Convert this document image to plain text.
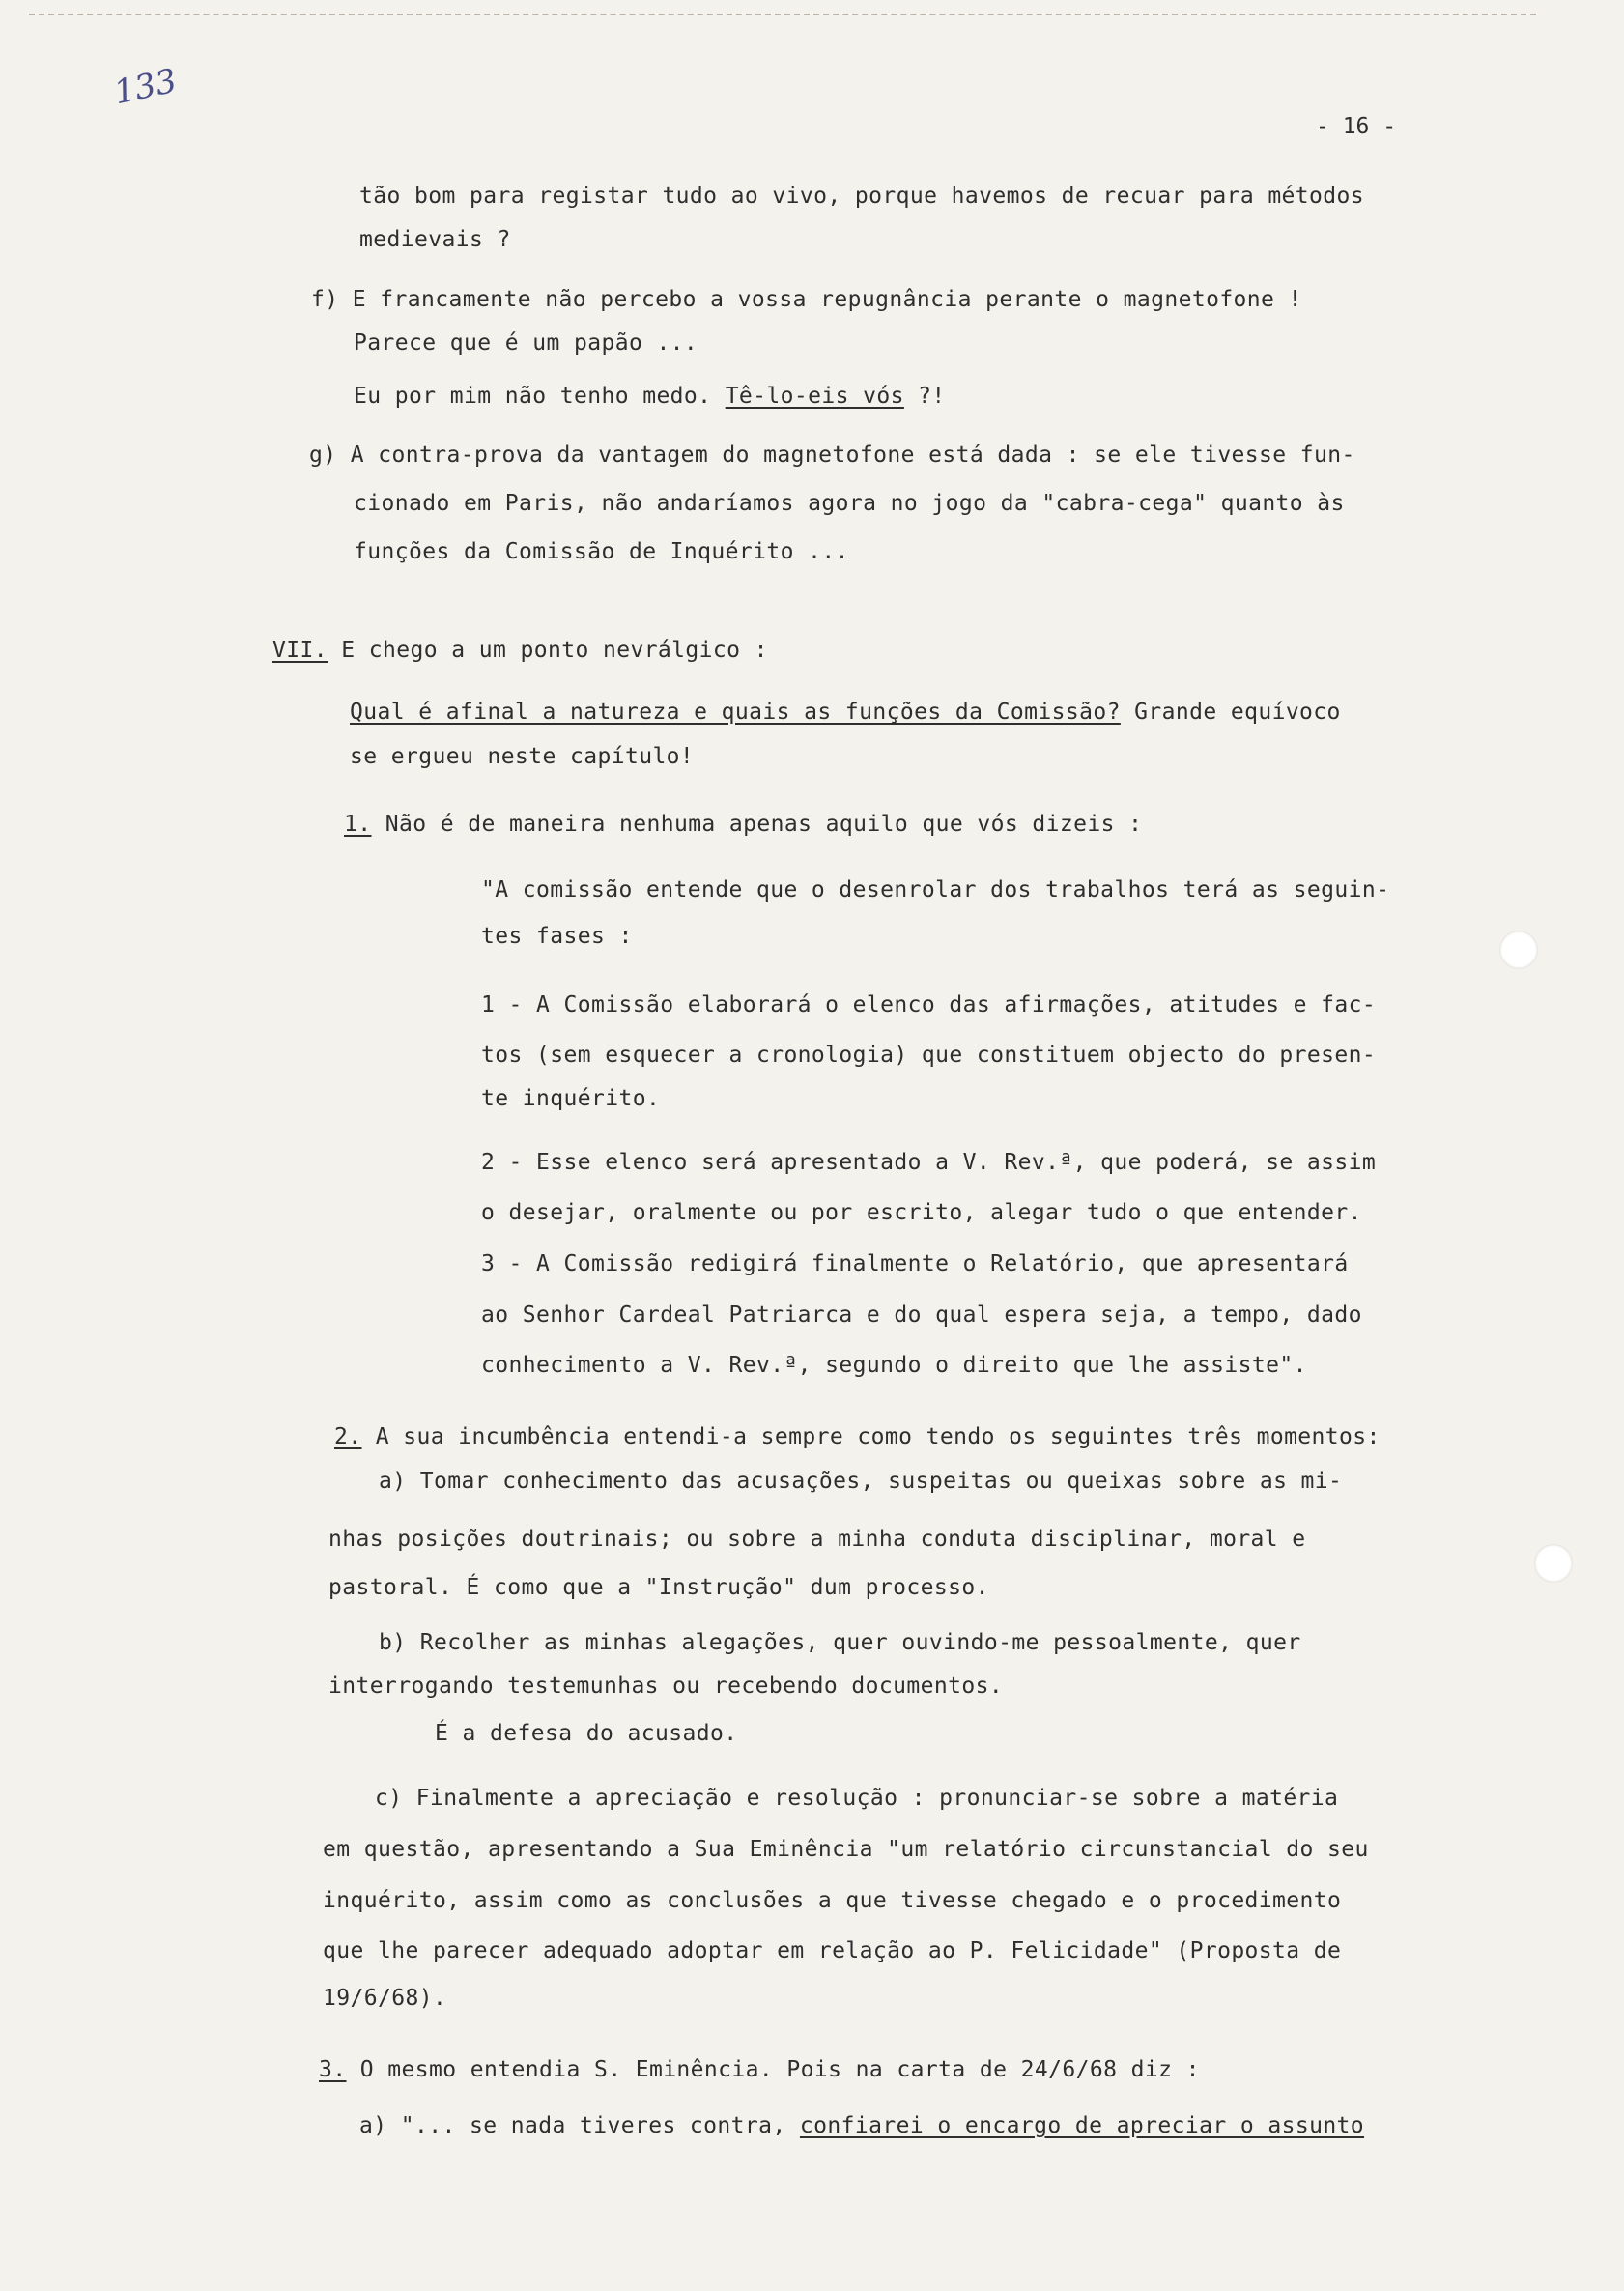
133
- 16 -
tão bom para registar tudo ao vivo, porque havemos de recuar para métodos
medievais ?
f) E francamente não percebo a vossa repugnância perante o magnetofone !
Parece que é um papão ...
Eu por mim não tenho medo. Tê-lo-eis vós ?!
g) A contra-prova da vantagem do magnetofone está dada : se ele tivesse fun-
cionado em Paris, não andaríamos agora no jogo da "cabra-cega" quanto às
funções da Comissão de Inquérito ...
VII. E chego a um ponto nevrálgico :
Qual é afinal a natureza e quais as funções da Comissão? Grande equívoco
se ergueu neste capítulo!
1. Não é de maneira nenhuma apenas aquilo que vós dizeis :
"A comissão entende que o desenrolar dos trabalhos terá as seguin-
tes fases :
1 - A Comissão elaborará o elenco das afirmações, atitudes e fac-
tos (sem esquecer a cronologia) que constituem objecto do presen-
te inquérito.
2 - Esse elenco será apresentado a V. Rev.ª, que poderá, se assim
o desejar, oralmente ou por escrito, alegar tudo o que entender.
3 - A Comissão redigirá finalmente o Relatório, que apresentará
ao Senhor Cardeal Patriarca e do qual espera seja, a tempo, dado
conhecimento a V. Rev.ª, segundo o direito que lhe assiste".
2. A sua incumbência entendi-a sempre como tendo os seguintes três momentos:
a) Tomar conhecimento das acusações, suspeitas ou queixas sobre as mi-
nhas posições doutrinais; ou sobre a minha conduta disciplinar, moral e
pastoral. É como que a "Instrução" dum processo.
b) Recolher as minhas alegações, quer ouvindo-me pessoalmente, quer
interrogando testemunhas ou recebendo documentos.
É a defesa do acusado.
c) Finalmente a apreciação e resolução : pronunciar-se sobre a matéria
em questão, apresentando a Sua Eminência "um relatório circunstancial do seu
inquérito, assim como as conclusões a que tivesse chegado e o procedimento
que lhe parecer adequado adoptar em relação ao P. Felicidade" (Proposta de
19/6/68).
3. O mesmo entendia S. Eminência. Pois na carta de 24/6/68 diz :
a) "... se nada tiveres contra, confiarei o encargo de apreciar o assunto
